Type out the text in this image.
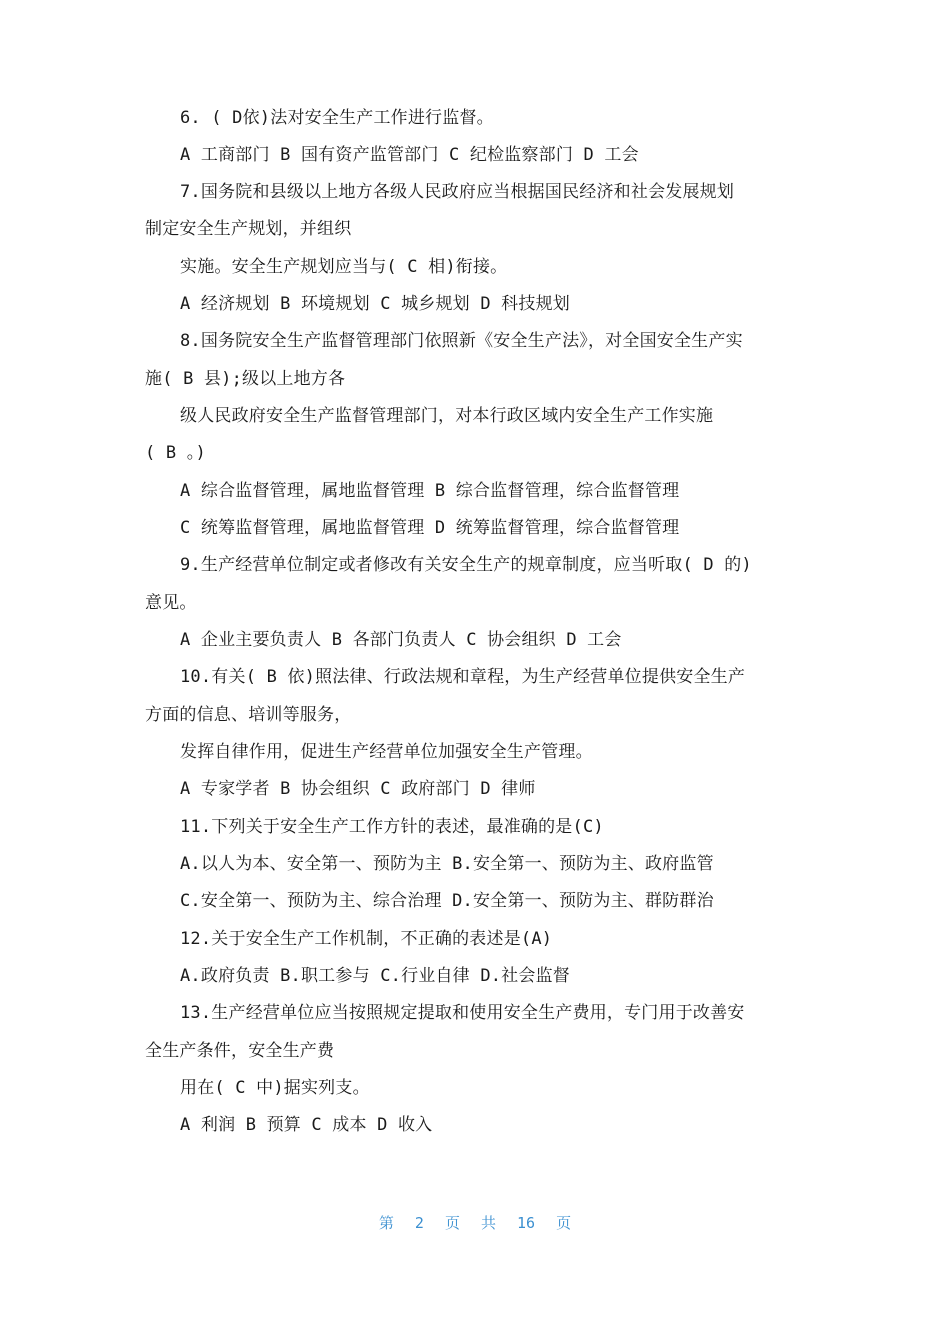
6. ( D依)法对安全生产工作进行监督。
A 工商部门 B 国有资产监管部门 C 纪检监察部门 D 工会
7.国务院和县级以上地方各级人民政府应当根据国民经济和社会发展规划
制定安全生产规划，并组织
实施。安全生产规划应当与( C 相)衔接。
A 经济规划 B 环境规划 C 城乡规划 D 科技规划
8.国务院安全生产监督管理部门依照新《安全生产法》，对全国安全生产实
施( B 县);级以上地方各
级人民政府安全生产监督管理部门，对本行政区域内安全生产工作实施
( B 。)
A 综合监督管理，属地监督管理 B 综合监督管理，综合监督管理
C 统筹监督管理，属地监督管理 D 统筹监督管理，综合监督管理
9.生产经营单位制定或者修改有关安全生产的规章制度，应当听取( D 的)
意见。
A 企业主要负责人 B 各部门负责人 C 协会组织 D 工会
10.有关( B 依)照法律、行政法规和章程，为生产经营单位提供安全生产
方面的信息、培训等服务，
发挥自律作用，促进生产经营单位加强安全生产管理。
A 专家学者 B 协会组织 C 政府部门 D 律师
11.下列关于安全生产工作方针的表述，最准确的是(C)
A.以人为本、安全第一、预防为主 B.安全第一、预防为主、政府监管
C.安全第一、预防为主、综合治理 D.安全第一、预防为主、群防群治
12.关于安全生产工作机制，不正确的表述是(A)
A.政府负责 B.职工参与 C.行业自律 D.社会监督
13.生产经营单位应当按照规定提取和使用安全生产费用，专门用于改善安
全生产条件，安全生产费
用在( C 中)据实列支。
A 利润 B 预算 C 成本 D 收入
第 2 页 共 16 页
